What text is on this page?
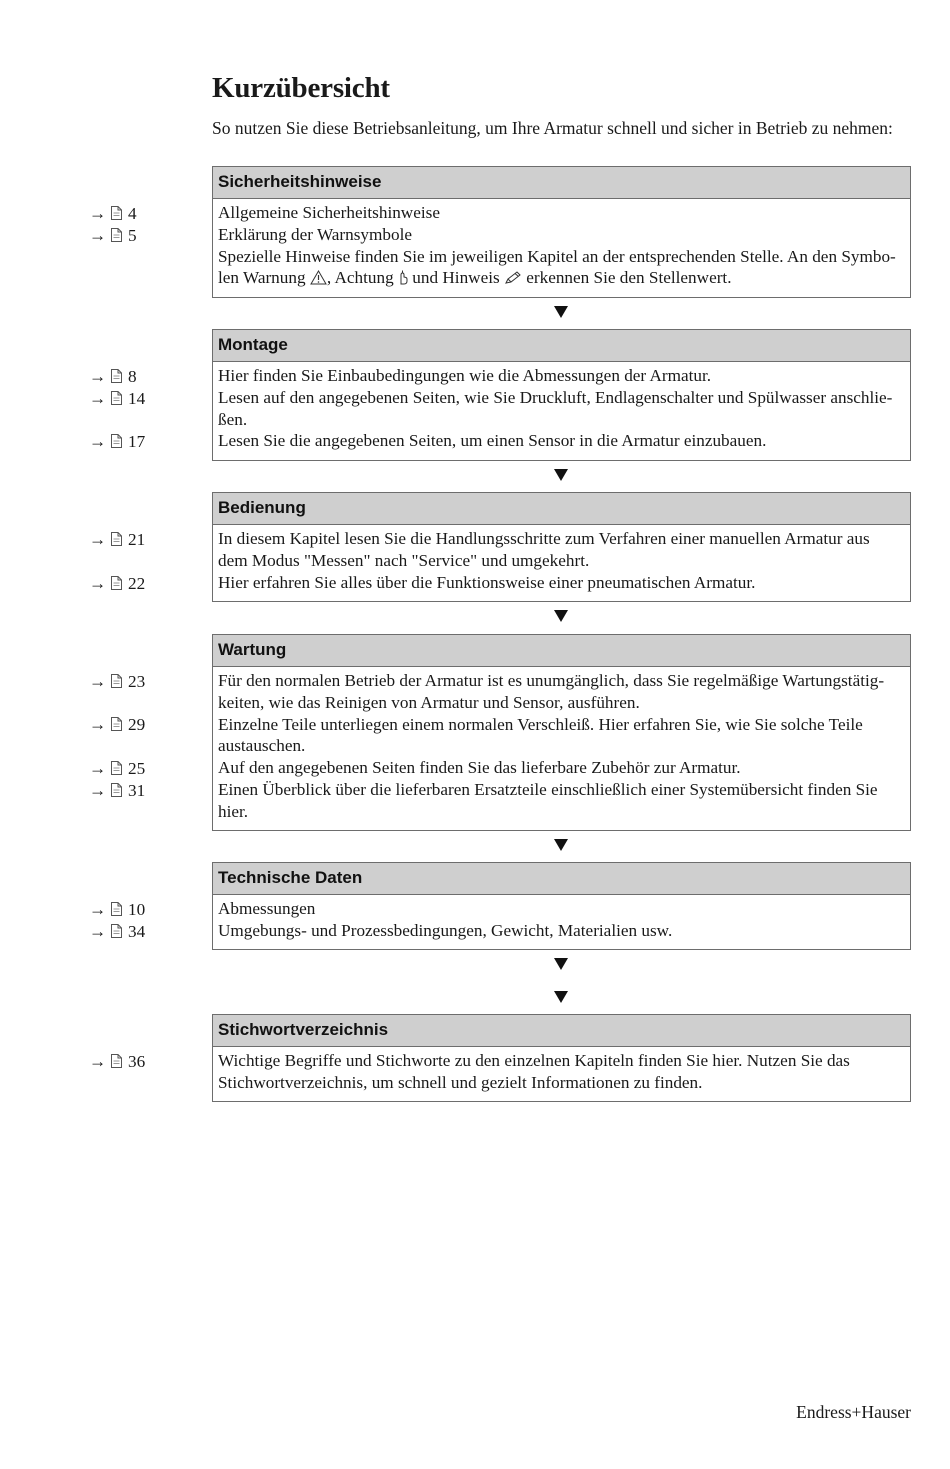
Kurzübersicht
So nutzen Sie diese Betriebsanleitung, um Ihre Armatur schnell und sicher in Betrieb zu nehmen:
Sicherheitshinweise
Allgemeine Sicherheitshinweise
Erklärung der Warnsymbole
Spezielle Hinweise finden Sie im jeweiligen Kapitel an der entsprechenden Stelle. An den Symbo-
len Warnung , Achtung und Hinweis erkennen Sie den Stellenwert.
→ 4
→ 5
Montage
Hier finden Sie Einbaubedingungen wie die Abmessungen der Armatur.
Lesen auf den angegebenen Seiten, wie Sie Druckluft, Endlagenschalter und Spülwasser anschlie-
ßen.
Lesen Sie die angegebenen Seiten, um einen Sensor in die Armatur einzubauen.
→ 8
→ 14
→ 17
Bedienung
In diesem Kapitel lesen Sie die Handlungsschritte zum Verfahren einer manuellen Armatur aus
dem Modus "Messen" nach "Service" und umgekehrt.
Hier erfahren Sie alles über die Funktionsweise einer pneumatischen Armatur.
→ 21
→ 22
Wartung
Für den normalen Betrieb der Armatur ist es unumgänglich, dass Sie regelmäßige Wartungstätig-
keiten, wie das Reinigen von Armatur und Sensor, ausführen.
Einzelne Teile unterliegen einem normalen Verschleiß. Hier erfahren Sie, wie Sie solche Teile
austauschen.
Auf den angegebenen Seiten finden Sie das lieferbare Zubehör zur Armatur.
Einen Überblick über die lieferbaren Ersatzteile einschließlich einer Systemübersicht finden Sie
hier.
→ 23
→ 29
→ 25
→ 31
Technische Daten
Abmessungen
Umgebungs- und Prozessbedingungen, Gewicht, Materialien usw.
→ 10
→ 34
Stichwortverzeichnis
Wichtige Begriffe und Stichworte zu den einzelnen Kapiteln finden Sie hier. Nutzen Sie das
Stichwortverzeichnis, um schnell und gezielt Informationen zu finden.
→ 36
Endress+Hauser
